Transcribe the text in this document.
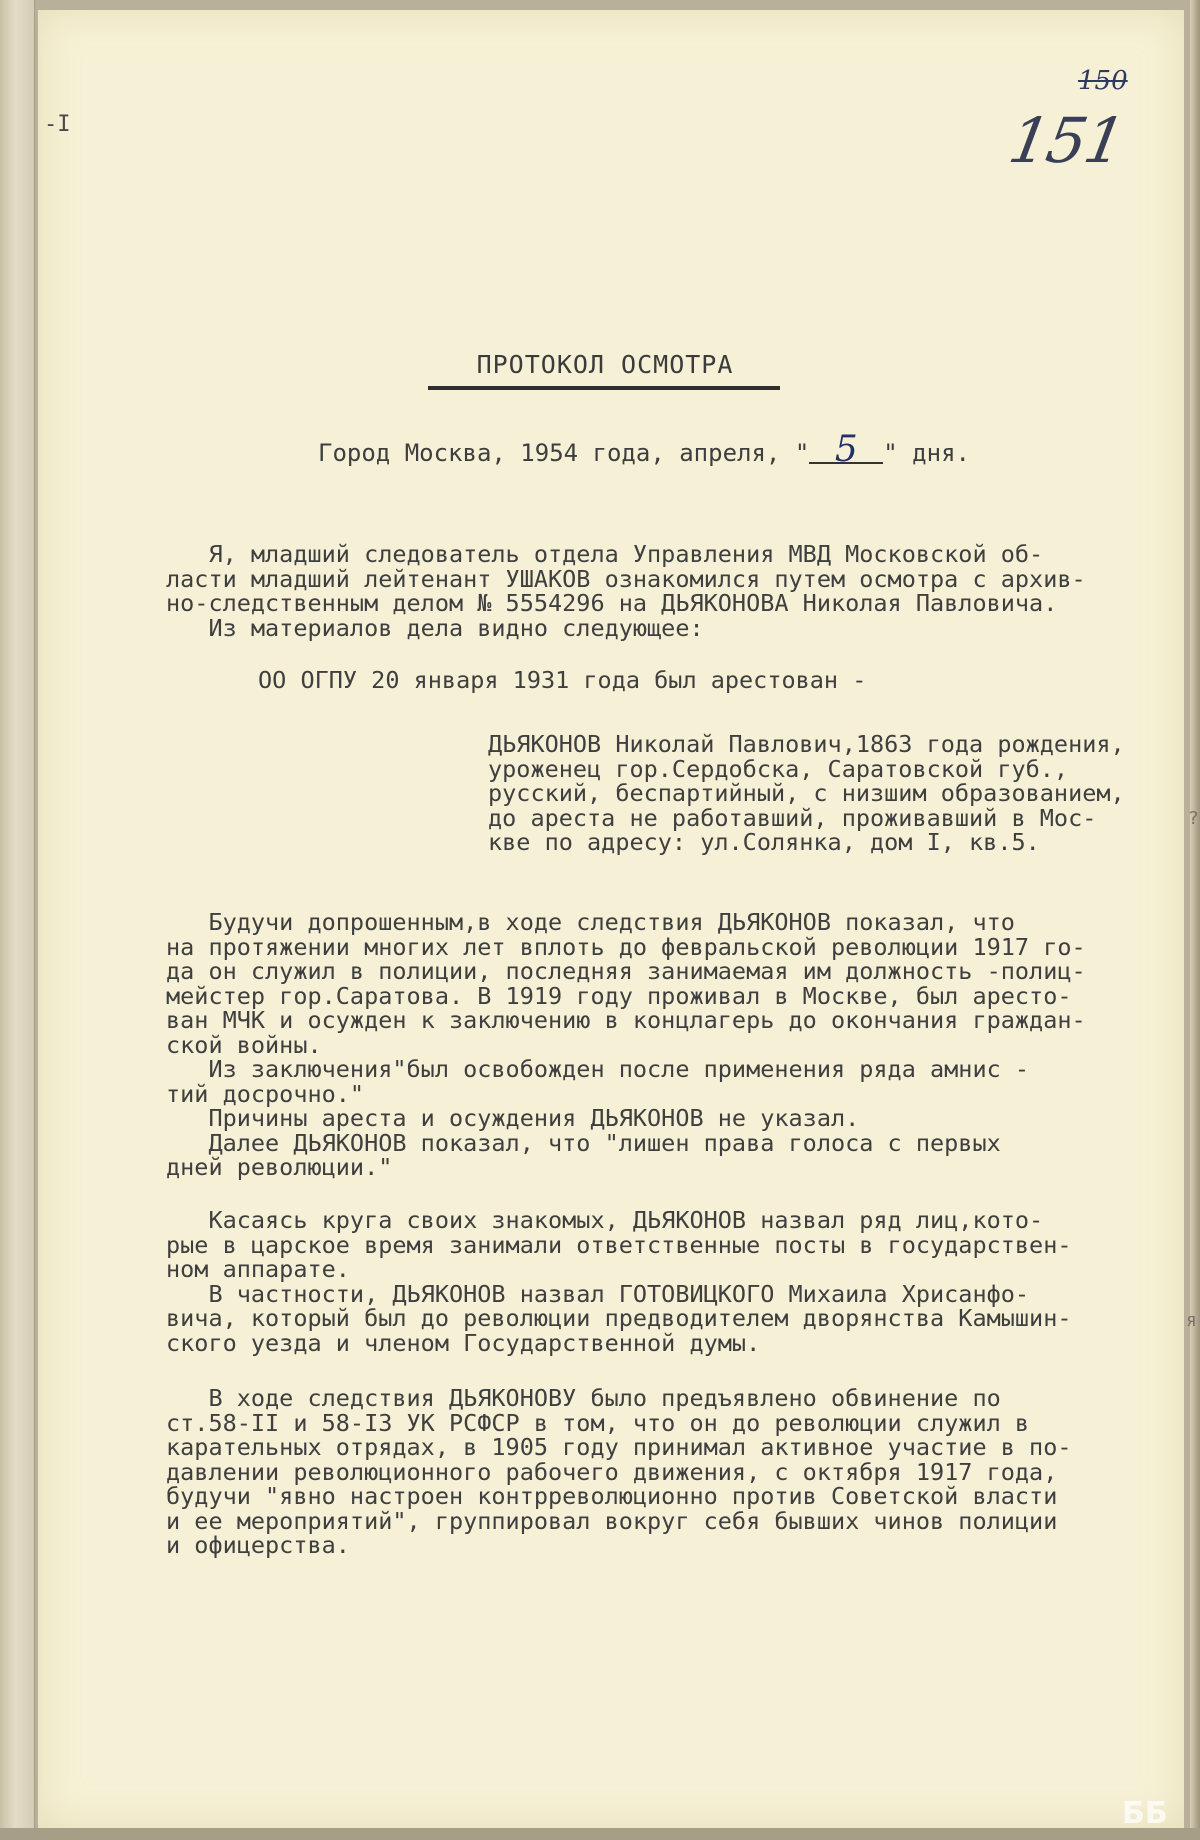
-I
150
151
ПРОТОКОЛ ОСМОТРА
Город Москва, 1954 года, апреля, " 5 " дня.

Я, младший следователь отдела Управления МВД Московской об-
ласти младший лейтенант УШАКОВ ознакомился путем осмотра с архив-
но-следственным делом № 5554296 на ДЬЯКОНОВА Николая Павловича.
Из материалов дела видно следующее:

ОО ОГПУ 20 января 1931 года был арестован -

ДЬЯКОНОВ Николай Павлович,1863 года рождения,
уроженец гор.Сердобска, Саратовской губ.,
русский, беспартийный, с низшим образованием,
до ареста не работавший, проживавший в Мос-
кве по адресу: ул.Солянка, дом I, кв.5.

Будучи допрошенным,в ходе следствия ДЬЯКОНОВ показал, что
на протяжении многих лет вплоть до февральской революции 1917 го-
да он служил в полиции, последняя занимаемая им должность -полиц-
мейстер гор.Саратова. В 1919 году проживал в Москве, был аресто-
ван МЧК и осужден к заключению в концлагерь до окончания граждан-
ской войны.
Из заключения"был освобожден после применения ряда амнис -
тий досрочно."
Причины ареста и осуждения ДЬЯКОНОВ не указал.
Далее ДЬЯКОНОВ показал, что "лишен права голоса с первых
дней революции."

Касаясь круга своих знакомых, ДЬЯКОНОВ назвал ряд лиц,кото-
рые в царское время занимали ответственные посты в государствен-
ном аппарате.
В частности, ДЬЯКОНОВ назвал ГОТОВИЦКОГО Михаила Хрисанфо-
вича, который был до революции предводителем дворянства Камышин-
ского уезда и членом Государственной думы.

В ходе следствия ДЬЯКОНОВУ было предъявлено обвинение по
ст.58-II и 58-I3 УК РСФСР в том, что он до революции служил в
карательных отрядах, в 1905 году принимал активное участие в по-
давлении революционного рабочего движения, с октября 1917 года,
будучи "явно настроен контрреволюционно против Советской власти
и ее мероприятий", группировал вокруг себя бывших чинов полиции
и офицерства.

?
я
ББ
